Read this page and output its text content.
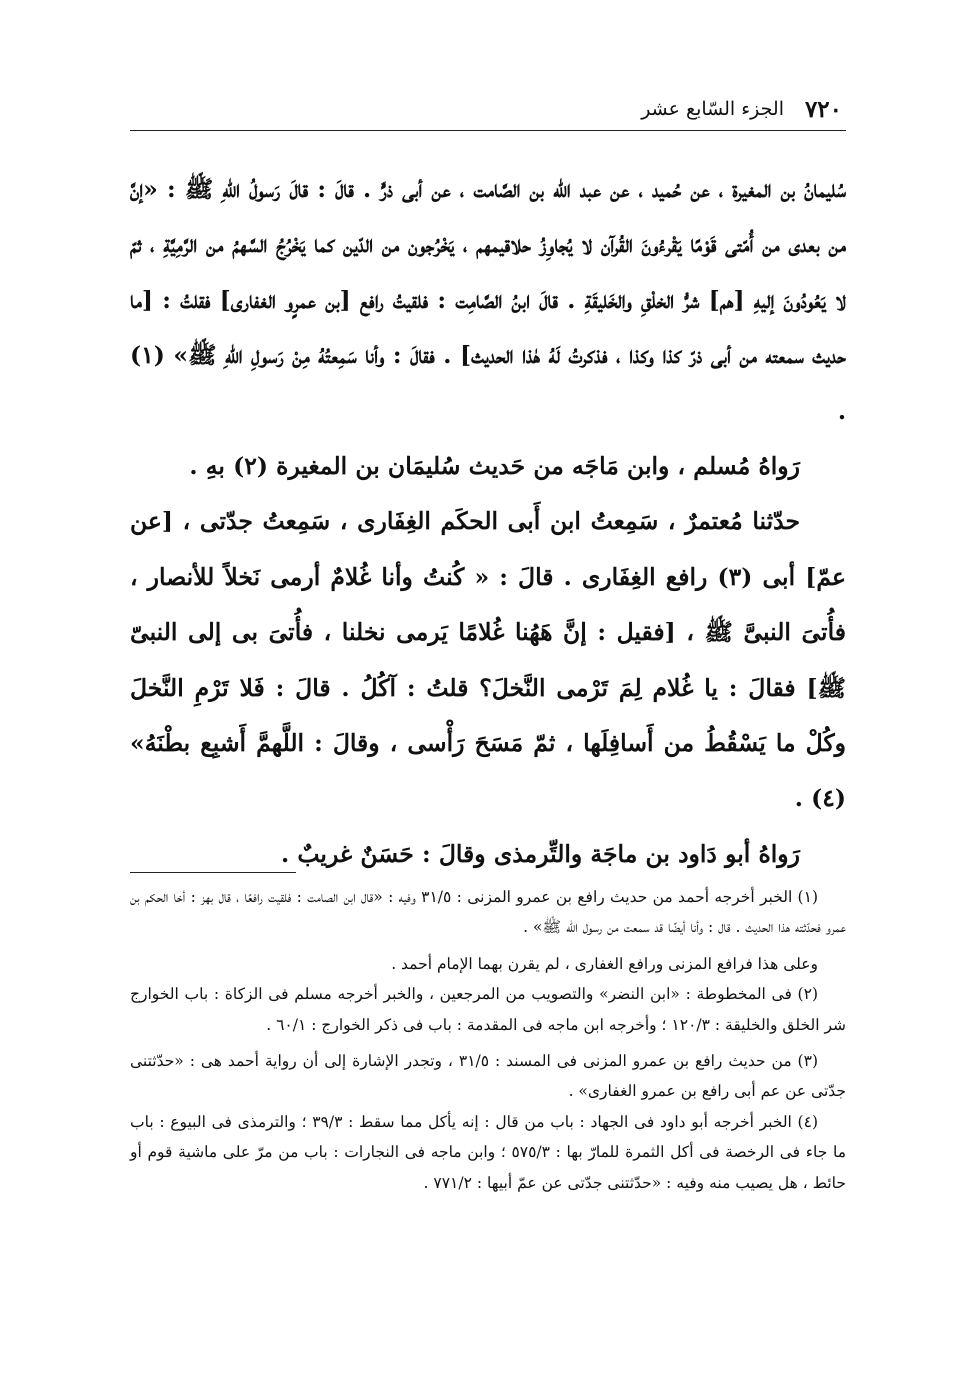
٧٢٠
الجزء السّابع عشر

سُليمانُ بن المغيرة ، عن حُميد ، عن عبد الله بن الصَّامت ، عن أبى ذرٍّ . قالَ : قالَ رَسولُ اللهِ ﷺ : «إنَّ من بعدى من أُمّتى قَوْمًا يَقْرءُونَ القُرآن لا يُجاوِزُ حلاقيمهم ، يَخْرُجون من الدّين كما يَخْرُجُ السَّهمُ من الرَّمِيَّةِ ، ثمّ لا يَعُودُونَ إليهِ [هم] شرُّ الخلْقِ والخَليقَةِ . قالَ ابنُ الصَّامِت : فلقيتُ رافع [بن عمرٍو الغفارى] فقلتُ : [ما حديث سمعته من أبى ذرّ كذا وكذا ، فذكرتُ لَهُ هٰذا الحديث] . فقالَ : وأنا سَمِعتُهُ مِنْ رَسولِ اللهِ ﷺ» (١) .

رَواهُ مُسلم ، وابن مَاجَه من حَديث سُليمَان بن المغيرة (٢) بهِ .

حدّثنا مُعتمرٌ ، سَمِعتُ ابن أَبى الحكَم الغِفَارى ، سَمِعتُ جدّتى ، [عن عمّ] أبى (٣) رافع الغِفَارى . قالَ : « كُنتُ وأنا غُلامٌ أرمى نَخلاً للأنصار ، فأُتىَ النبىَّ ﷺ ، [فقيل : إنَّ هَهُنا غُلامًا يَرمى نخلنا ، فأُتىَ بى إلى النبىّ ﷺ] فقالَ : يا غُلام لِمَ تَرْمى النَّخلَ؟ قلتُ : آكُلُ . قالَ : فَلا تَرْمِ النَّخلَ وكُلْ ما يَسْقُطُ من أَسافِلَها ، ثمّ مَسَحَ رَأْسى ، وقالَ : اللَّهمَّ أَشبِع بطْنَهُ» (٤) .

رَواهُ أبو دَاود بن ماجَة والتِّرمذى وقالَ : حَسَنٌ غريبٌ .

(١) الخبر أخرجه أحمد من حديث رافع بن عمرو المزنى : ٣١/٥ وفيه : «قال ابن الصامت : فلقيت رافعًا ، قال بهز : أخا الحكم بن عمرو فحدّثته هذا الحديث . قال : وأنا أيضًا قد سمعت من رسول الله ﷺ» .

وعلى هذا فرافع المزنى ورافع الغفارى ، لم يقرن بهما الإمام أحمد .

(٢) فى المخطوطة : «ابن النضر» والتصويب من المرجعين ، والخبر أخرجه مسلم فى الزكاة : باب الخوارج شر الخلق والخليقة : ١٢٠/٣ ؛ وأخرجه ابن ماجه فى المقدمة : باب فى ذكر الخوارج : ٦٠/١ .

(٣) من حديث رافع بن عمرو المزنى فى المسند : ٣١/٥ ، وتجدر الإشارة إلى أن رواية أحمد هى : «حدّثتنى جدّتى عن عم أبى رافع بن عمرو الغفارى» .

(٤) الخبر أخرجه أبو داود فى الجهاد : باب من قال : إنه يأكل مما سقط : ٣٩/٣ ؛ والترمذى فى البيوع : باب ما جاء فى الرخصة فى أكل الثمرة للمارّ بها : ٥٧٥/٣ ؛ وابن ماجه فى النجارات : باب من مرّ على ماشية قوم أو حائط ، هل يصيب منه وفيه : «حدّثتنى جدّتى عن عمّ أبيها : ٧٧١/٢ .
